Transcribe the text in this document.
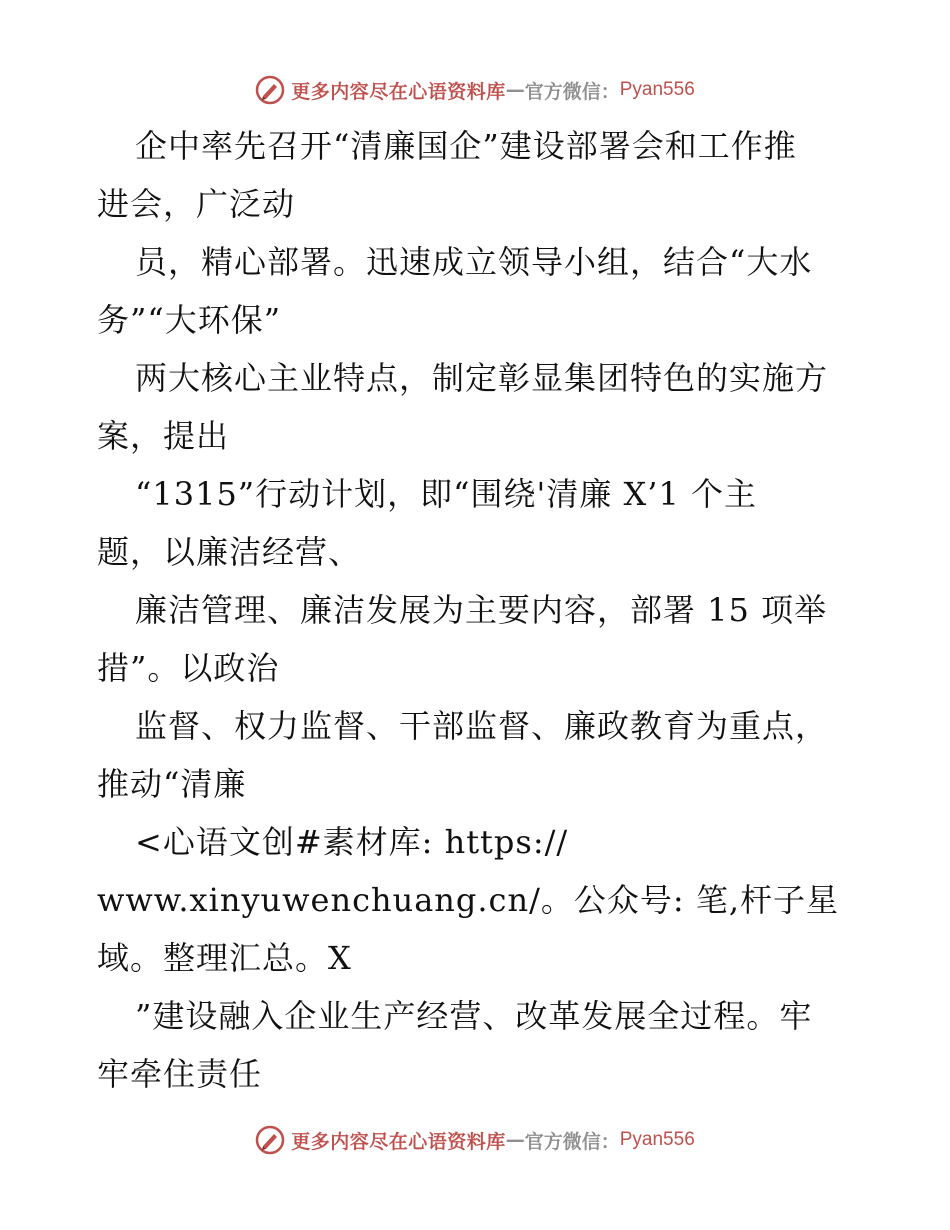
更多内容尽在心语资料库 — 官方微信： Pyan556
企中率先召开“清廉国企”建设部署会和工作推
进会，广泛动
员，精心部署。迅速成立领导小组，结合“大水
务”“大环保”
两大核心主业特点，制定彰显集团特色的实施方
案，提出
“1315”行动计划，即“围绕'清廉 X’1 个主
题，以廉洁经营、
廉洁管理、廉洁发展为主要内容，部署 15 项举
措”。以政治
监督、权力监督、干部监督、廉政教育为重点，
推动“清廉
<心语文创#素材库: https://
www.xinyuwenchuang.cn/。公众号: 笔,杆子星
域。整理汇总。X
”建设融入企业生产经营、改革发展全过程。牢
牢牵住责任
更多内容尽在心语资料库 — 官方微信： Pyan556
